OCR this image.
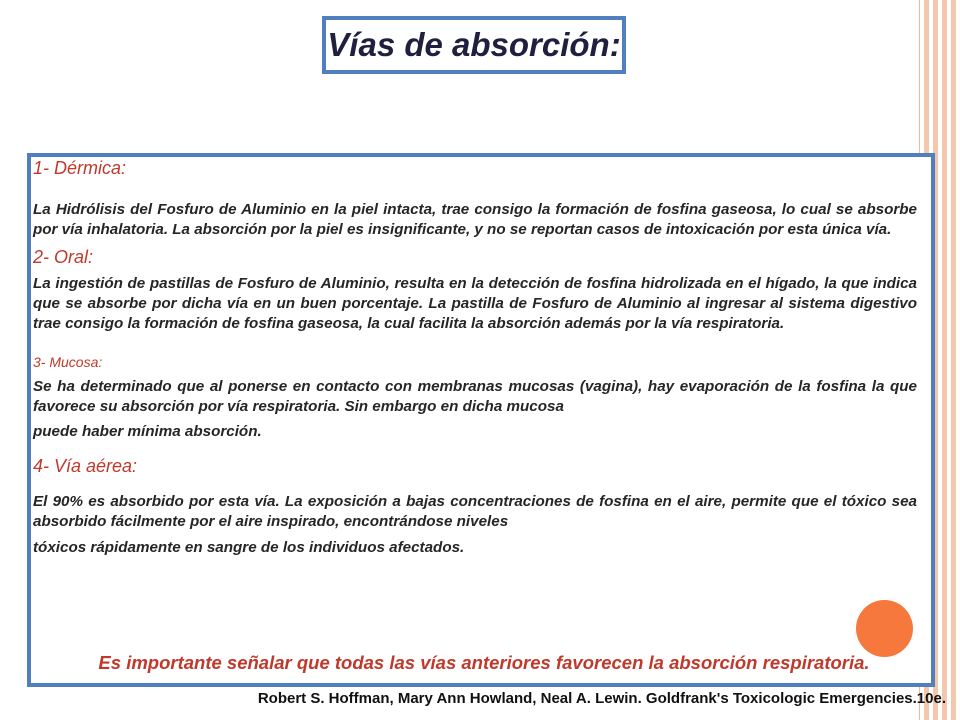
Vías de absorción:

1- Dérmica:

La Hidrólisis del Fosfuro de Aluminio en la piel intacta, trae consigo la formación de fosfina gaseosa, lo cual se absorbe por vía inhalatoria. La absorción por la piel es insignificante, y no se reportan casos de intoxicación por esta única vía.

2- Oral:

La ingestión de pastillas de Fosfuro de Aluminio, resulta en la detección de fosfina hidrolizada en el hígado, la que indica que se absorbe por dicha vía en un buen porcentaje. La pastilla de Fosfuro de Aluminio al ingresar al sistema digestivo trae consigo la formación de fosfina gaseosa, la cual facilita la absorción además por la vía respiratoria.

3- Mucosa:

Se ha determinado que al ponerse en contacto con membranas mucosas (vagina), hay evaporación de la fosfina la que favorece su absorción por vía respiratoria. Sin embargo en dicha mucosa

puede haber mínima absorción.

4- Vía aérea:

El 90% es absorbido por esta vía. La exposición a bajas concentraciones de fosfina en el aire, permite que el tóxico sea absorbido fácilmente por el aire inspirado, encontrándose niveles

tóxicos rápidamente en sangre de los individuos afectados.

Es importante señalar que todas las vías anteriores favorecen la absorción respiratoria.
Robert S. Hoffman, Mary Ann Howland, Neal A. Lewin. Goldfrank's Toxicologic Emergencies.10e.
